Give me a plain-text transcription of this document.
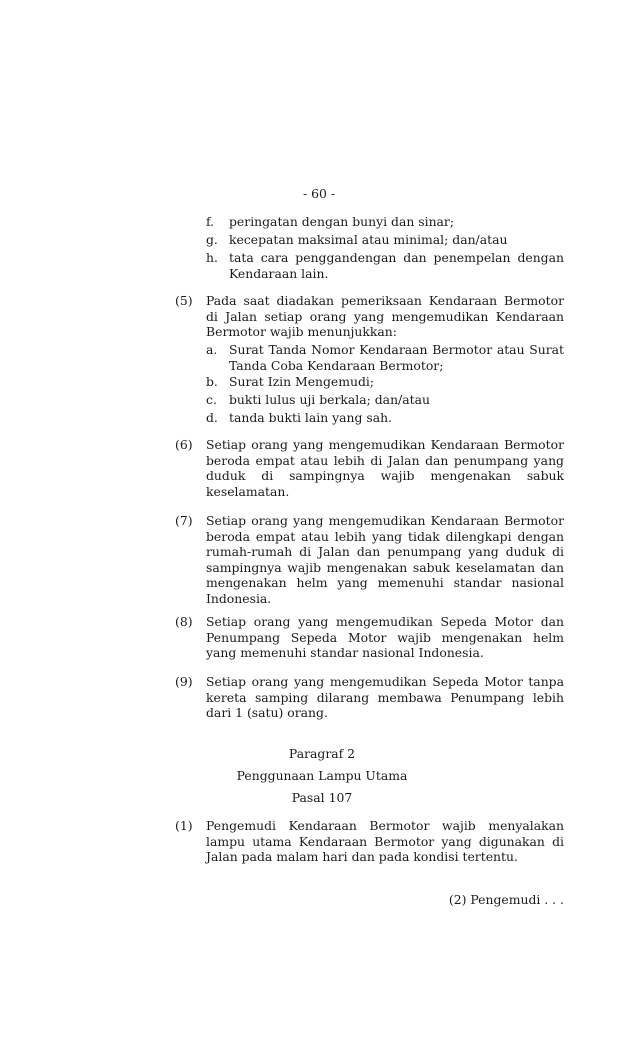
- 60 -
f. peringatan dengan bunyi dan sinar;
g. kecepatan maksimal atau minimal; dan/atau
h. tata cara penggandengan dan penempelan dengan Kendaraan lain.
(5) Pada saat diadakan pemeriksaan Kendaraan Bermotor di Jalan setiap orang yang mengemudikan Kendaraan Bermotor wajib menunjukkan:
a. Surat Tanda Nomor Kendaraan Bermotor atau Surat Tanda Coba Kendaraan Bermotor;
b. Surat Izin Mengemudi;
c. bukti lulus uji berkala; dan/atau
d. tanda bukti lain yang sah.
(6) Setiap orang yang mengemudikan Kendaraan Bermotor beroda empat atau lebih di Jalan dan penumpang yang duduk di sampingnya wajib mengenakan sabuk keselamatan.
(7) Setiap orang yang mengemudikan Kendaraan Bermotor beroda empat atau lebih yang tidak dilengkapi dengan rumah-rumah di Jalan dan penumpang yang duduk di sampingnya wajib mengenakan sabuk keselamatan dan mengenakan helm yang memenuhi standar nasional Indonesia.
(8) Setiap orang yang mengemudikan Sepeda Motor dan Penumpang Sepeda Motor wajib mengenakan helm yang memenuhi standar nasional Indonesia.
(9) Setiap orang yang mengemudikan Sepeda Motor tanpa kereta samping dilarang membawa Penumpang lebih dari 1 (satu) orang.
Paragraf 2
Penggunaan Lampu Utama
Pasal 107
(1) Pengemudi Kendaraan Bermotor wajib menyalakan lampu utama Kendaraan Bermotor yang digunakan di Jalan pada malam hari dan pada kondisi tertentu.
(2) Pengemudi . . .
